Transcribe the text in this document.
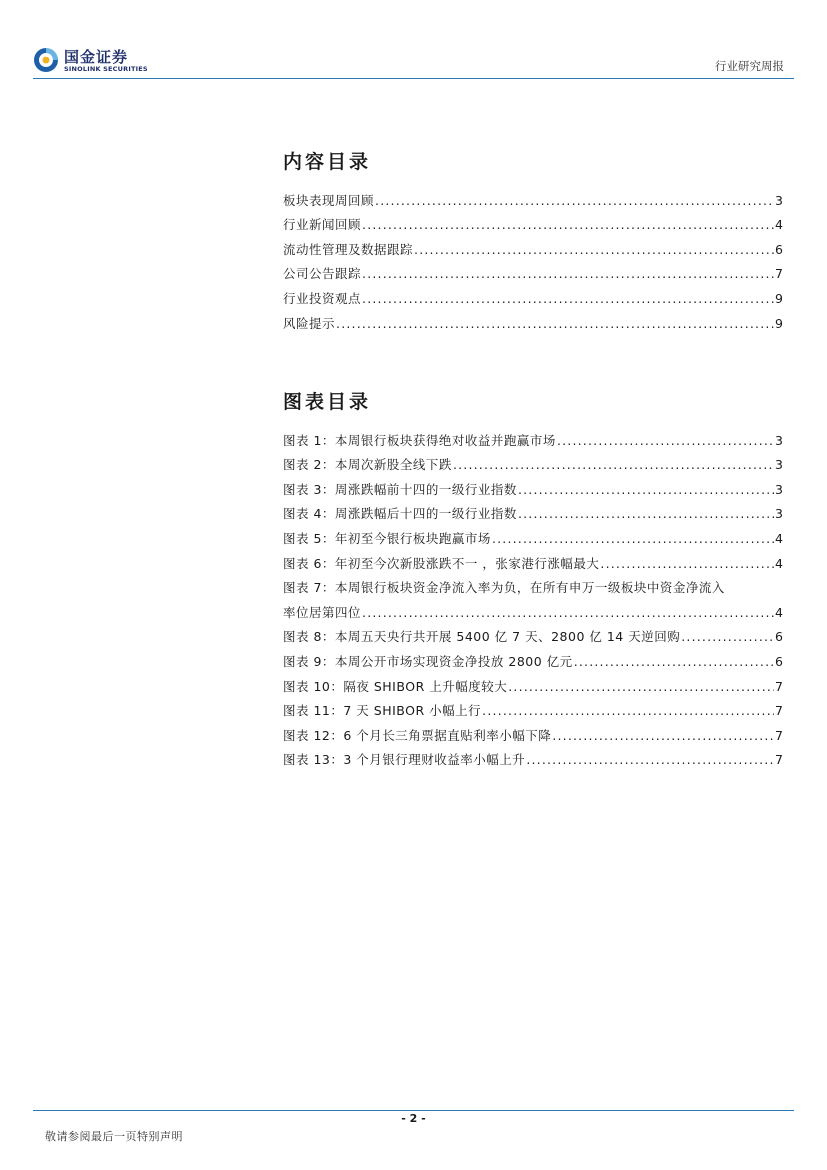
国金证券
SINOLINK SECURITIES	行业研究周报
内容目录
板块表现周回顾 .....	3
行业新闻回顾 .....	4
流动性管理及数据跟踪 .....	6
公司公告跟踪 .....	7
行业投资观点 .....	9
风险提示 .....	9
图表目录
图表 1：本周银行板块获得绝对收益并跑赢市场 .....	3
图表 2：本周次新股全线下跌 .....	3
图表 3：周涨跌幅前十四的一级行业指数 .....	3
图表 4：周涨跌幅后十四的一级行业指数 .....	3
图表 5：年初至今银行板块跑赢市场 .....	4
图表 6：年初至今次新股涨跌不一 ，张家港行涨幅最大 .....	4
图表 7：本周银行板块资金净流入率为负，在所有申万一级板块中资金净流入
率位居第四位 .....	4
图表 8：本周五天央行共开展 5400 亿 7 天、2800 亿 14 天逆回购 .....	6
图表 9：本周公开市场实现资金净投放 2800 亿元 .....	6
图表 10：隔夜 SHIBOR 上升幅度较大 .....	7
图表 11：7 天 SHIBOR 小幅上行 .....	7
图表 12：6 个月长三角票据直贴利率小幅下降 .....	7
图表 13：3 个月银行理财收益率小幅上升 .....	7
- 2 -
敬请参阅最后一页特别声明
